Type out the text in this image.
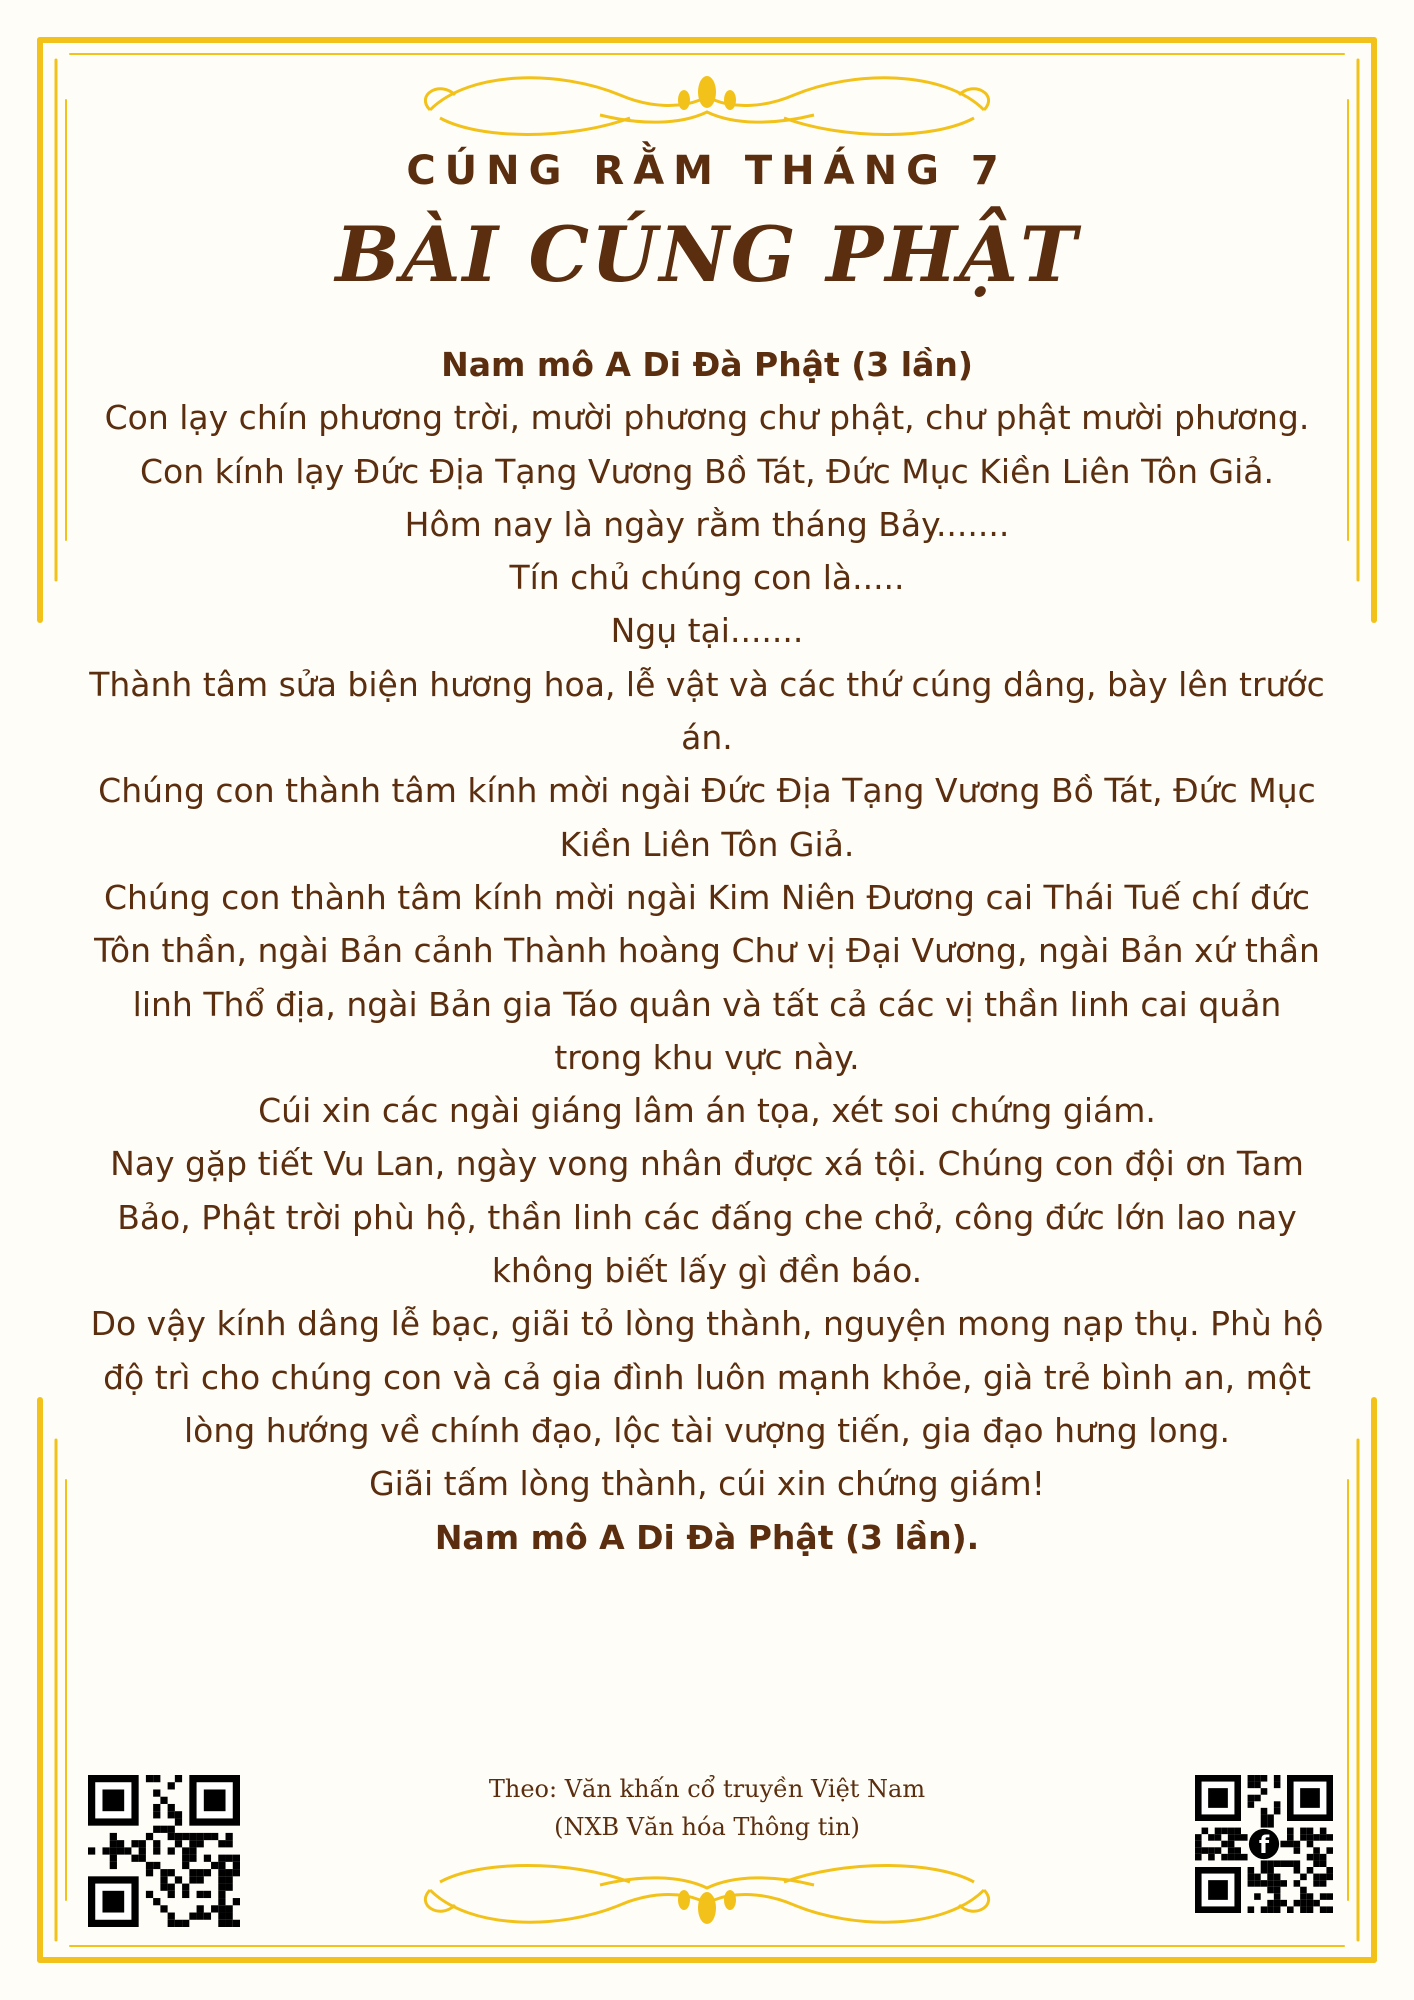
CÚNG RẰM THÁNG 7
BÀI CÚNG PHẬT

Nam mô A Di Đà Phật (3 lần)

Con lạy chín phương trời, mười phương chư phật, chư phật mười phương.

Con kính lạy Đức Địa Tạng Vương Bồ Tát, Đức Mục Kiền Liên Tôn Giả.

Hôm nay là ngày rằm tháng Bảy.......

Tín chủ chúng con là.....

Ngụ tại.......

Thành tâm sửa biện hương hoa, lễ vật và các thứ cúng dâng, bày lên trước án.

Chúng con thành tâm kính mời ngài Đức Địa Tạng Vương Bồ Tát, Đức Mục Kiền Liên Tôn Giả.

Chúng con thành tâm kính mời ngài Kim Niên Đương cai Thái Tuế chí đức Tôn thần, ngài Bản cảnh Thành hoàng Chư vị Đại Vương, ngài Bản xứ thần linh Thổ địa, ngài Bản gia Táo quân và tất cả các vị thần linh cai quản trong khu vực này.

Cúi xin các ngài giáng lâm án tọa, xét soi chứng giám.

Nay gặp tiết Vu Lan, ngày vong nhân được xá tội. Chúng con đội ơn Tam Bảo, Phật trời phù hộ, thần linh các đấng che chở, công đức lớn lao nay không biết lấy gì đền báo.

Do vậy kính dâng lễ bạc, giãi tỏ lòng thành, nguyện mong nạp thụ. Phù hộ độ trì cho chúng con và cả gia đình luôn mạnh khỏe, già trẻ bình an, một lòng hướng về chính đạo, lộc tài vượng tiến, gia đạo hưng long.

Giãi tấm lòng thành, cúi xin chứng giám!

Nam mô A Di Đà Phật (3 lần).

Theo: Văn khấn cổ truyền Việt Nam
(NXB Văn hóa Thông tin)
f
